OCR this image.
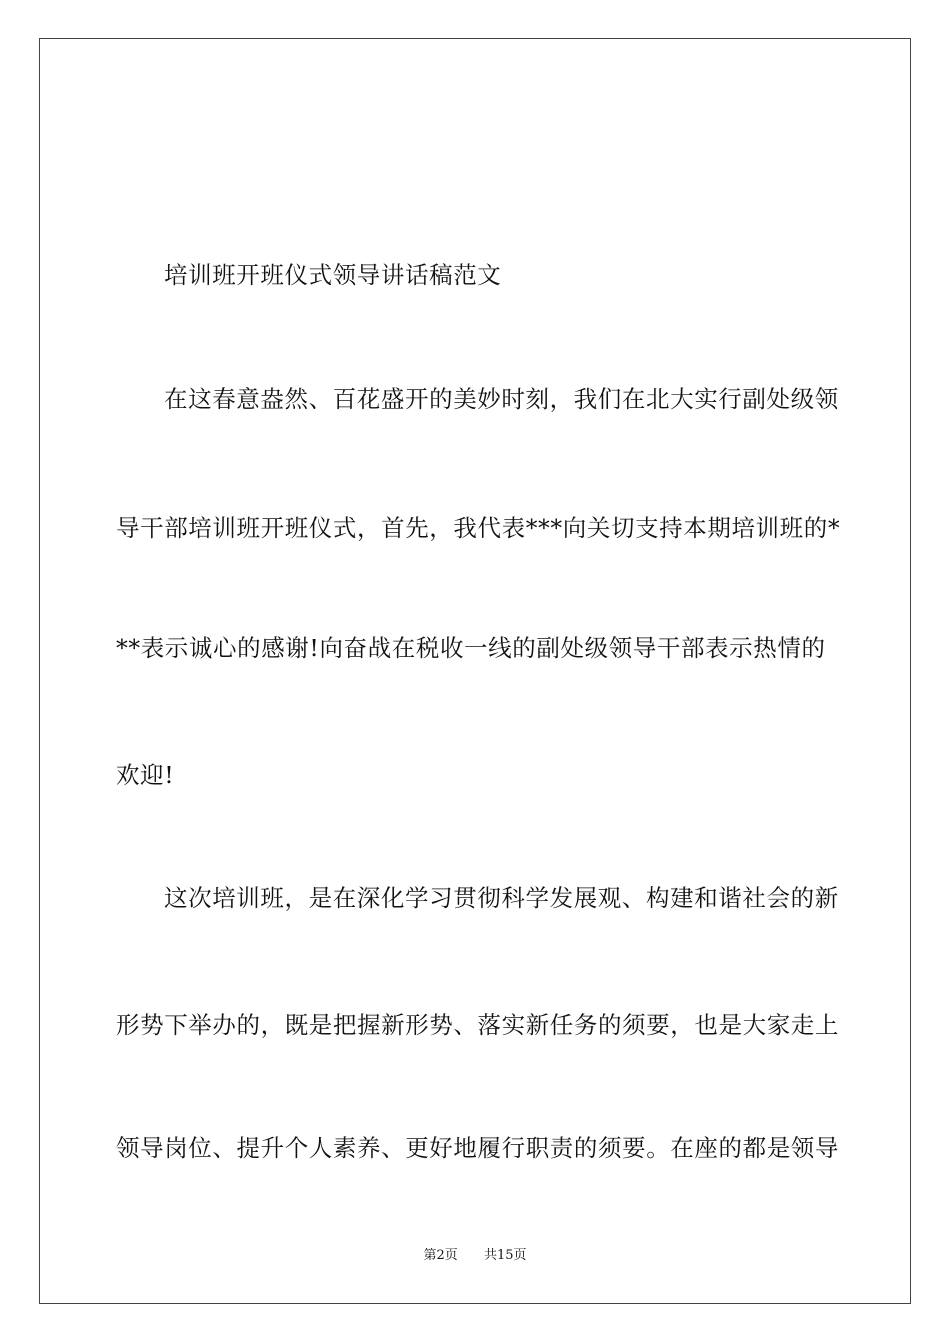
培训班开班仪式领导讲话稿范文
在这春意盎然、百花盛开的美妙时刻，我们在北大实行副处级领
导干部培训班开班仪式，首先，我代表***向关切支持本期培训班的*
**表示诚心的感谢!向奋战在税收一线的副处级领导干部表示热情的
欢迎!
这次培训班，是在深化学习贯彻科学发展观、构建和谐社会的新
形势下举办的，既是把握新形势、落实新任务的须要，也是大家走上
领导岗位、提升个人素养、更好地履行职责的须要。在座的都是领导
第2页 共15页
